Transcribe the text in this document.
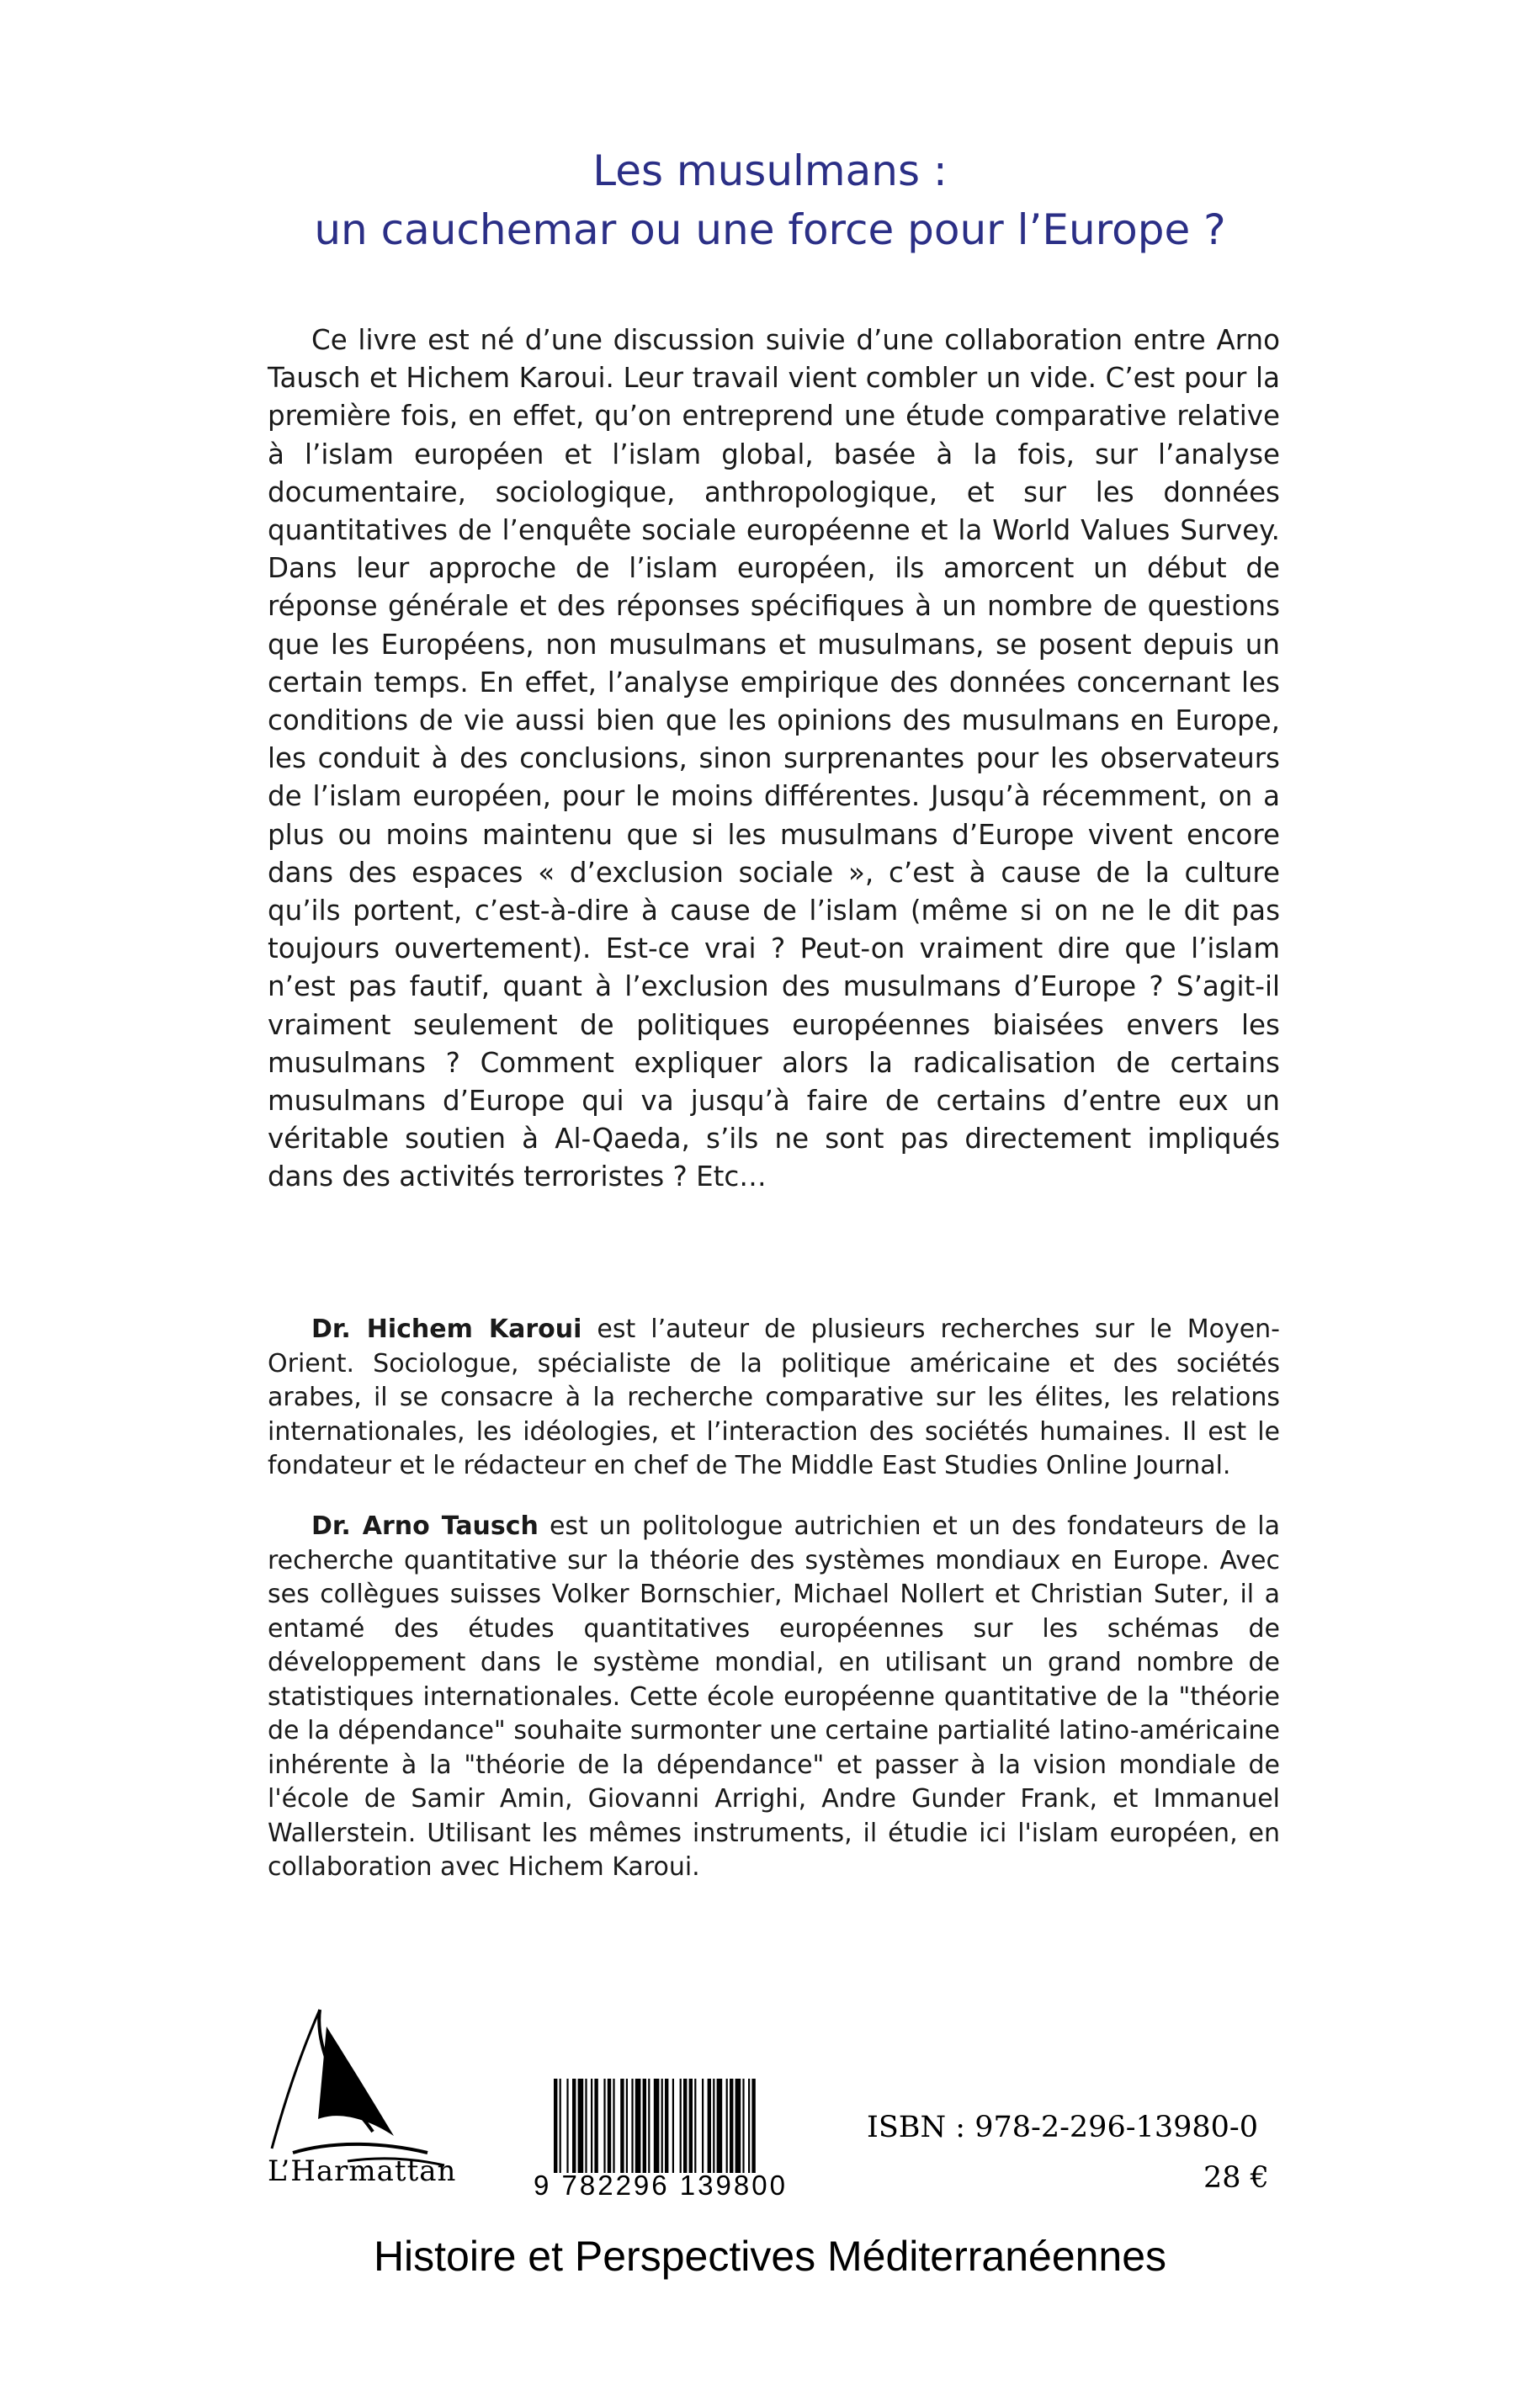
Les musulmans :
un cauchemar ou une force pour l’Europe ?

Ce livre est né d’une discussion suivie d’une collaboration entre Arno Tausch et Hichem Karoui. Leur travail vient combler un vide. C’est pour la première fois, en effet, qu’on entreprend une étude comparative relative à l’islam européen et l’islam global, basée à la fois, sur l’analyse documentaire, sociologique, anthropologique, et sur les données quantitatives de l’enquête sociale européenne et la World Values Survey. Dans leur approche de l’islam européen, ils amorcent un début de réponse générale et des réponses spécifiques à un nombre de questions que les Européens, non musulmans et musulmans, se posent depuis un certain temps. En effet, l’analyse empirique des données concernant les conditions de vie aussi bien que les opinions des musulmans en Europe, les conduit à des conclusions, sinon surprenantes pour les observateurs de l’islam européen, pour le moins différentes. Jusqu’à récemment, on a plus ou moins maintenu que si les musulmans d’Europe vivent encore dans des espaces « d’exclusion sociale », c’est à cause de la culture qu’ils portent, c’est-à-dire à cause de l’islam (même si on ne le dit pas toujours ouvertement). Est-ce vrai ? Peut-on vraiment dire que l’islam n’est pas fautif, quant à l’exclusion des musulmans d’Europe ? S’agit-il vraiment seulement de politiques européennes biaisées envers les musulmans ? Comment expliquer alors la radicalisation de certains musulmans d’Europe qui va jusqu’à faire de certains d’entre eux un véritable soutien à Al-Qaeda, s’ils ne sont pas directement impliqués dans des activités terroristes ? Etc…

Dr. Hichem Karoui est l’auteur de plusieurs recherches sur le Moyen-Orient. Sociologue, spécialiste de la politique américaine et des sociétés arabes, il se consacre à la recherche comparative sur les élites, les relations internationales, les idéologies, et l’interaction des sociétés humaines. Il est le fondateur et le rédacteur en chef de The Middle East Studies Online Journal.

Dr. Arno Tausch est un politologue autrichien et un des fondateurs de la recherche quantitative sur la théorie des systèmes mondiaux en Europe. Avec ses collègues suisses Volker Bornschier, Michael Nollert et Christian Suter, il a entamé des études quantitatives européennes sur les schémas de développement dans le système mondial, en utilisant un grand nombre de statistiques internationales. Cette école européenne quantitative de la "théorie de la dépendance" souhaite surmonter une certaine partialité latino-américaine inhérente à la "théorie de la dépendance" et passer à la vision mondiale de l'école de Samir Amin, Giovanni Arrighi, Andre Gunder Frank, et Immanuel Wallerstein. Utilisant les mêmes instruments, il étudie ici l'islam européen, en collaboration avec Hichem Karoui.

L’Harmattan	9 782296 139800
ISBN : 978-2-296-13980-0
28 €
Histoire et Perspectives Méditerranéennes
